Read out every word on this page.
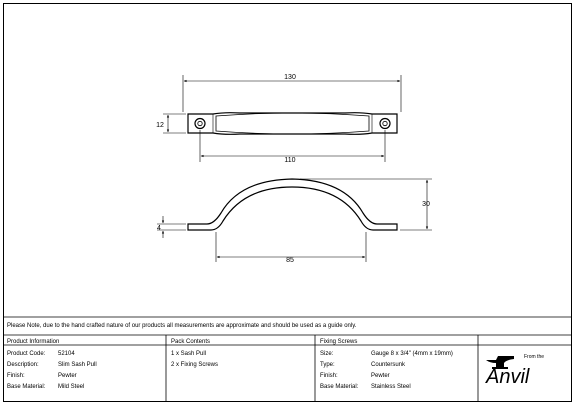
130
12
110
30
4
85
Please Note, due to the hand crafted nature of our products all measurements are approximate and should be used as a guide only.
Product Information	Pack Contents	Fixing Screws
Product Code: 52104
Description:	Slim Sash Pull
Finish:	Pewter
Base Material: Mild Steel
1 x Sash Pull
2 x Fixing Screws
Size:	Gauge 8 x 3/4" (4mm x 19mm)
Type:	Countersunk
Finish:	Pewter
Base Material: Stainless Steel
From the
Anvil
